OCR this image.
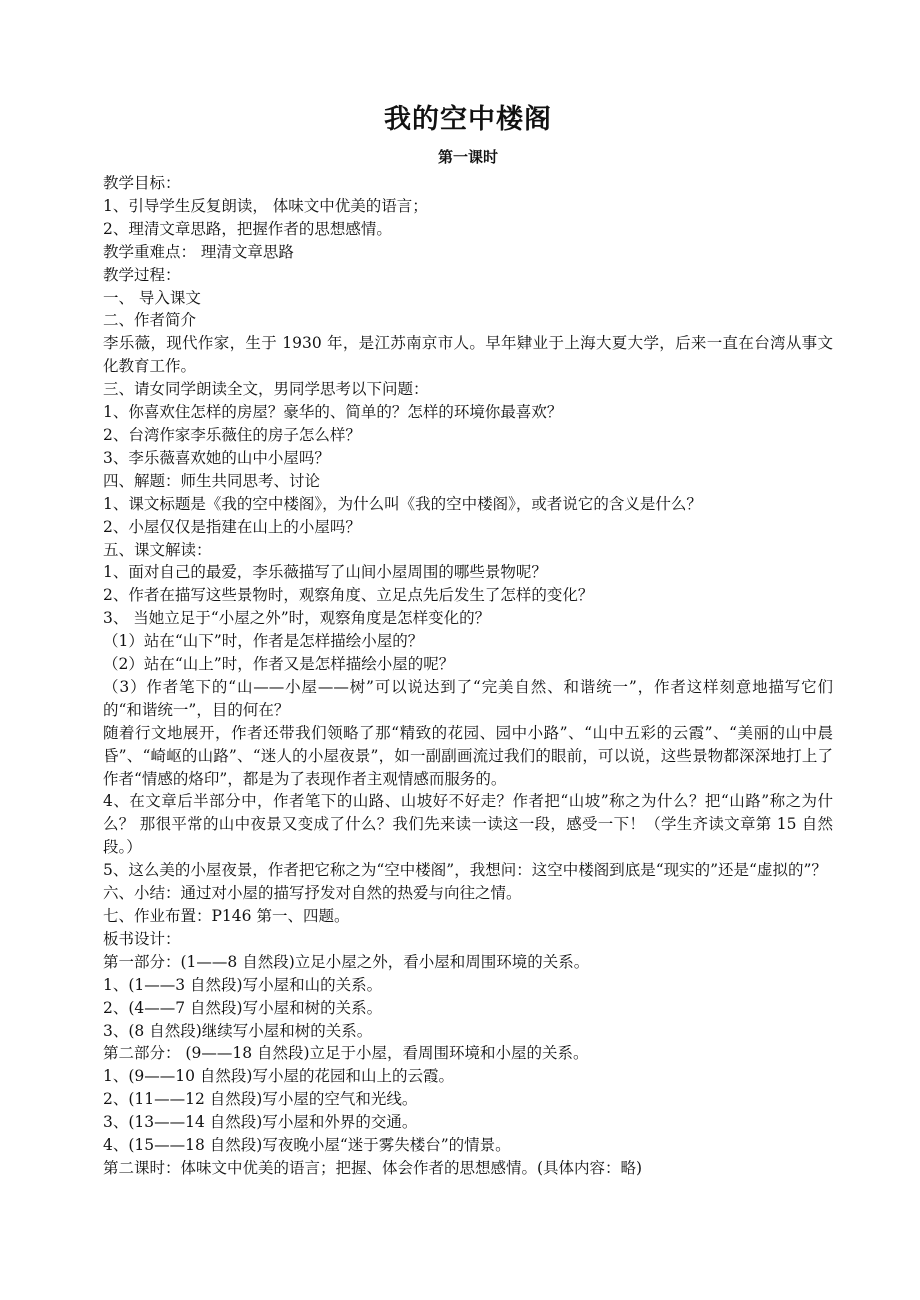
我的空中楼阁
第一课时

教学目标：

1、引导学生反复朗读， 体味文中优美的语言；

2、理清文章思路，把握作者的思想感情。

教学重难点： 理清文章思路

教学过程：

一、 导入课文

二、作者简介

李乐薇，现代作家，生于 1930 年，是江苏南京市人。早年肄业于上海大夏大学，后来一直在台湾从事文化教育工作。

三、请女同学朗读全文，男同学思考以下问题：

1、你喜欢住怎样的房屋？豪华的、简单的？怎样的环境你最喜欢？

2、台湾作家李乐薇住的房子怎么样？

3、李乐薇喜欢她的山中小屋吗？

四、解题：师生共同思考、讨论

1、课文标题是《我的空中楼阁》，为什么叫《我的空中楼阁》，或者说它的含义是什么？

2、小屋仅仅是指建在山上的小屋吗？

五、课文解读：

1、面对自己的最爱，李乐薇描写了山间小屋周围的哪些景物呢？

2、作者在描写这些景物时，观察角度、立足点先后发生了怎样的变化？

3、 当她立足于“小屋之外”时，观察角度是怎样变化的？

（1）站在“山下”时，作者是怎样描绘小屋的？

（2）站在“山上”时，作者又是怎样描绘小屋的呢？

（3）作者笔下的“山——小屋——树”可以说达到了“完美自然、和谐统一”，作者这样刻意地描写它们的“和谐统一”，目的何在？

随着行文地展开，作者还带我们领略了那“精致的花园、园中小路”、“山中五彩的云霞”、“美丽的山中晨昏”、“崎岖的山路”、“迷人的小屋夜景”，如一副副画流过我们的眼前，可以说，这些景物都深深地打上了作者“情感的烙印”，都是为了表现作者主观情感而服务的。

4、在文章后半部分中，作者笔下的山路、山坡好不好走？作者把“山坡”称之为什么？把“山路”称之为什么？ 那很平常的山中夜景又变成了什么？我们先来读一读这一段，感受一下！（学生齐读文章第 15 自然段。）

5、这么美的小屋夜景，作者把它称之为“空中楼阁”，我想问：这空中楼阁到底是“现实的”还是“虚拟的”？

六、小结：通过对小屋的描写抒发对自然的热爱与向往之情。

七、作业布置：P146 第一、四题。

板书设计：

第一部分：(1——8 自然段)立足小屋之外，看小屋和周围环境的关系。

1、(1——3 自然段)写小屋和山的关系。

2、(4——7 自然段)写小屋和树的关系。

3、(8 自然段)继续写小屋和树的关系。

第二部分： (9——18 自然段)立足于小屋，看周围环境和小屋的关系。

1、(9——10 自然段)写小屋的花园和山上的云霞。

2、(11——12 自然段)写小屋的空气和光线。

3、(13——14 自然段)写小屋和外界的交通。

4、(15——18 自然段)写夜晚小屋“迷于雾失楼台”的情景。

第二课时：体味文中优美的语言；把握、体会作者的思想感情。(具体内容：略)
